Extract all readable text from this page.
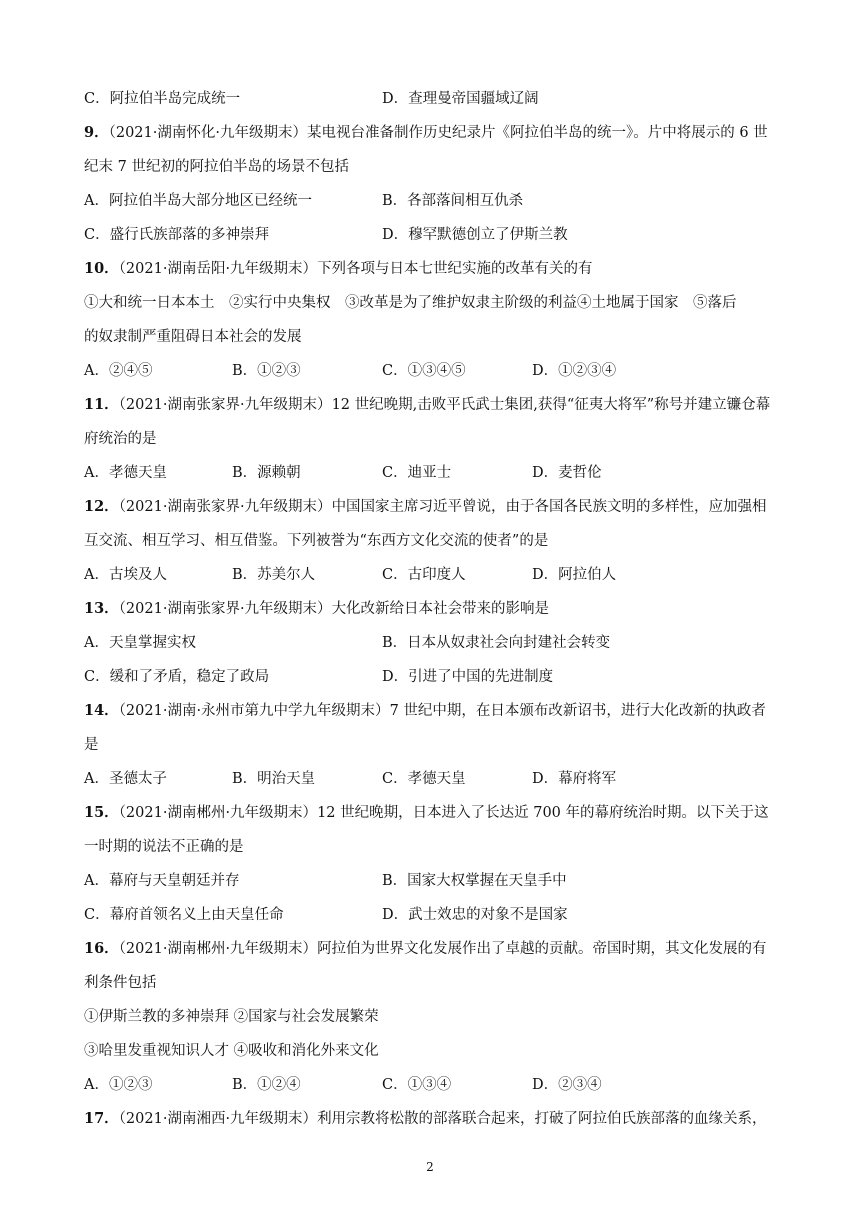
C．阿拉伯半岛完成统一	D．查理曼帝国疆域辽阔
9．（2021·湖南怀化·九年级期末）某电视台准备制作历史纪录片《阿拉伯半岛的统一》。片中将展示的 6 世
纪末 7 世纪初的阿拉伯半岛的场景不包括
A．阿拉伯半岛大部分地区已经统一	B．各部落间相互仇杀
C．盛行氏族部落的多神崇拜	D．穆罕默德创立了伊斯兰教
10．（2021·湖南岳阳·九年级期末）下列各项与日本七世纪实施的改革有关的有
①大和统一日本本土　②实行中央集权　③改革是为了维护奴隶主阶级的利益④土地属于国家　⑤落后
的奴隶制严重阻碍日本社会的发展
A．②④⑤	B．①②③	C．①③④⑤	D．①②③④
11．（2021·湖南张家界·九年级期末）12 世纪晚期,击败平氏武士集团,获得“征夷大将军”称号并建立镰仓幕
府统治的是
A．孝德天皇	B．源赖朝	C．迪亚士	D．麦哲伦
12．（2021·湖南张家界·九年级期末）中国国家主席习近平曾说，由于各国各民族文明的多样性，应加强相
互交流、相互学习、相互借鉴。下列被誉为“东西方文化交流的使者”的是
A．古埃及人	B．苏美尔人	C．古印度人	D．阿拉伯人
13．（2021·湖南张家界·九年级期末）大化改新给日本社会带来的影响是
A．天皇掌握实权	B．日本从奴隶社会向封建社会转变
C．缓和了矛盾，稳定了政局	D．引进了中国的先进制度
14．（2021·湖南·永州市第九中学九年级期末）7 世纪中期，在日本颁布改新诏书，进行大化改新的执政者
是
A．圣德太子	B．明治天皇	C．孝德天皇	D．幕府将军
15．（2021·湖南郴州·九年级期末）12 世纪晚期，日本进入了长达近 700 年的幕府统治时期。以下关于这
一时期的说法不正确的是
A．幕府与天皇朝廷并存	B．国家大权掌握在天皇手中
C．幕府首领名义上由天皇任命	D．武士效忠的对象不是国家
16．（2021·湖南郴州·九年级期末）阿拉伯为世界文化发展作出了卓越的贡献。帝国时期，其文化发展的有
利条件包括
①伊斯兰教的多神崇拜 ②国家与社会发展繁荣
③哈里发重视知识人才 ④吸收和消化外来文化
A．①②③	B．①②④	C．①③④	D．②③④
17．（2021·湖南湘西·九年级期末）利用宗教将松散的部落联合起来，打破了阿拉伯氏族部落的血缘关系，
2
